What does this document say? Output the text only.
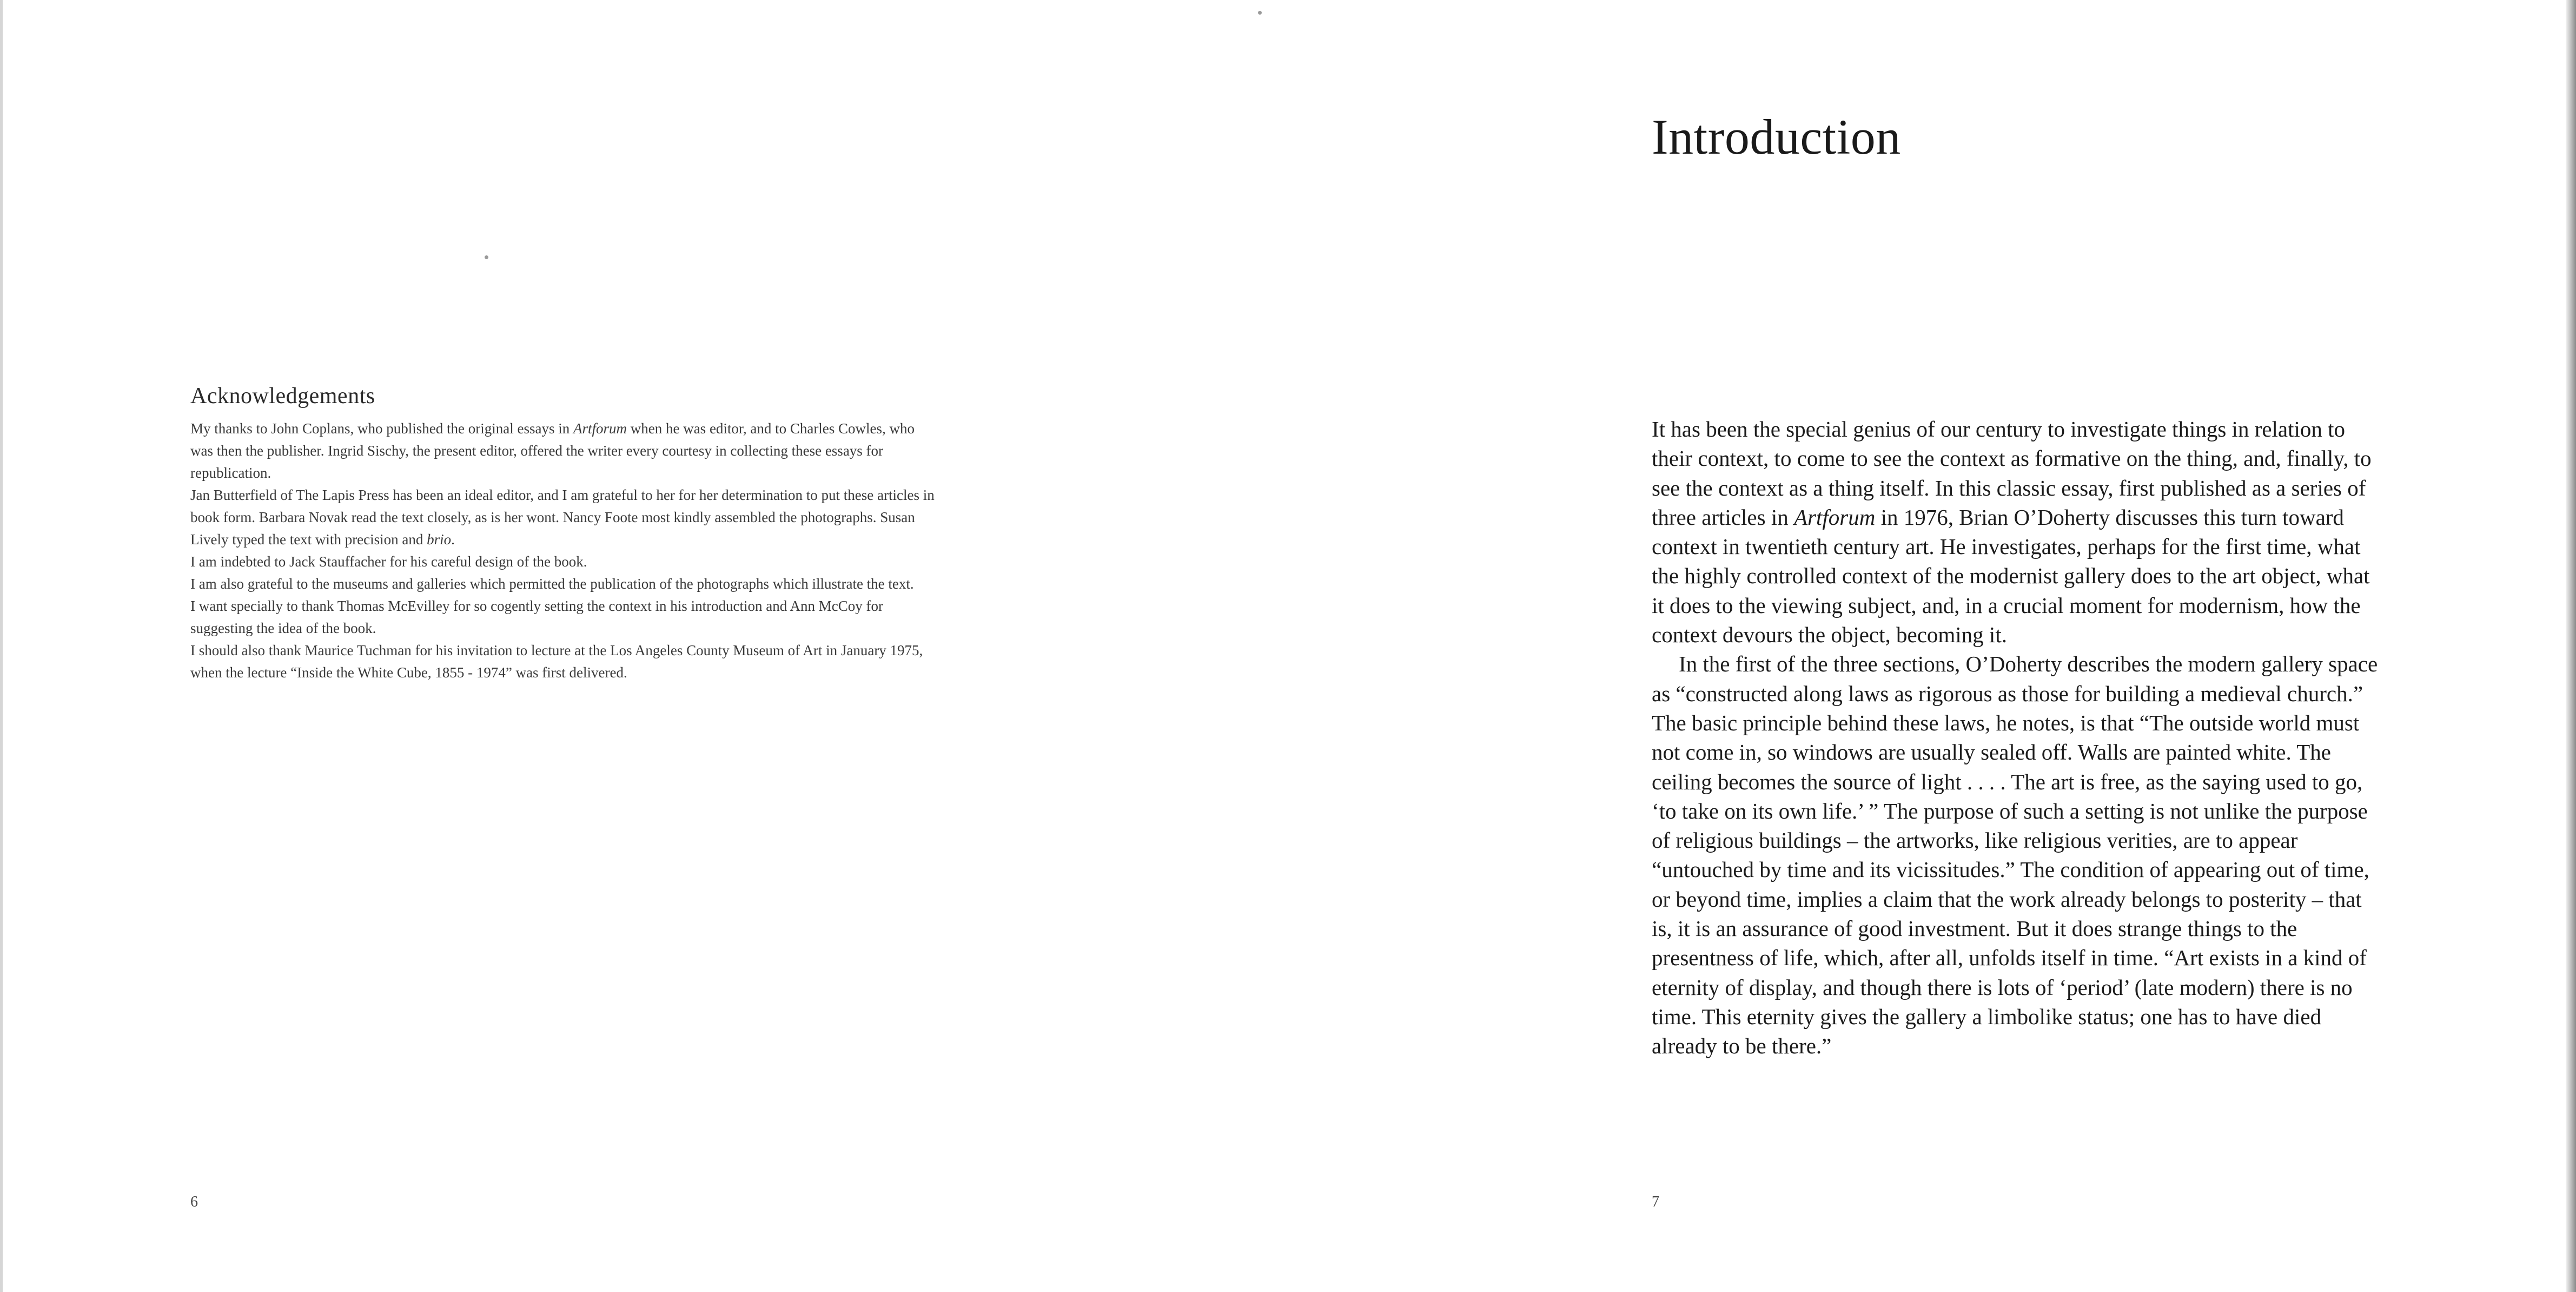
Acknowledgements

My thanks to John Coplans, who published the original essays in Artforum when he was editor, and to Charles Cowles, who was then the publisher. Ingrid Sischy, the present editor, offered the writer every courtesy in collecting these essays for republication.

Jan Butterfield of The Lapis Press has been an ideal editor, and I am grateful to her for her determination to put these articles in book form. Barbara Novak read the text closely, as is her wont. Nancy Foote most kindly assembled the photographs. Susan Lively typed the text with precision and brio.

I am indebted to Jack Stauffacher for his careful design of the book.

I am also grateful to the museums and galleries which permitted the publication of the photographs which illustrate the text.

I want specially to thank Thomas McEvilley for so cogently setting the context in his introduction and Ann McCoy for suggesting the idea of the book.

I should also thank Maurice Tuchman for his invitation to lecture at the Los Angeles County Museum of Art in January 1975, when the lecture “Inside the White Cube, 1855 - 1974” was first delivered.

6
Introduction

It has been the special genius of our century to investigate things in relation to their context, to come to see the context as formative on the thing, and, finally, to see the context as a thing itself. In this classic essay, first published as a series of three articles in Artforum in 1976, Brian O’Doherty discusses this turn toward context in twentieth century art. He investigates, perhaps for the first time, what the highly controlled context of the modernist gallery does to the art object, what it does to the viewing subject, and, in a crucial moment for modernism, how the context devours the object, becoming it.

In the first of the three sections, O’Doherty describes the modern gallery space as “constructed along laws as rigorous as those for building a medieval church.” The basic principle behind these laws, he notes, is that “The outside world must not come in, so windows are usually sealed off. Walls are painted white. The ceiling becomes the source of light . . . . The art is free, as the saying used to go, ‘to take on its own life.’ ” The purpose of such a setting is not unlike the purpose of religious buildings – the artworks, like religious verities, are to appear “untouched by time and its vicissitudes.” The condition of appearing out of time, or beyond time, implies a claim that the work already belongs to posterity – that is, it is an assurance of good investment. But it does strange things to the presentness of life, which, after all, unfolds itself in time. “Art exists in a kind of eternity of display, and though there is lots of ‘period’ (late modern) there is no time. This eternity gives the gallery a limbolike status; one has to have died already to be there.”

7
